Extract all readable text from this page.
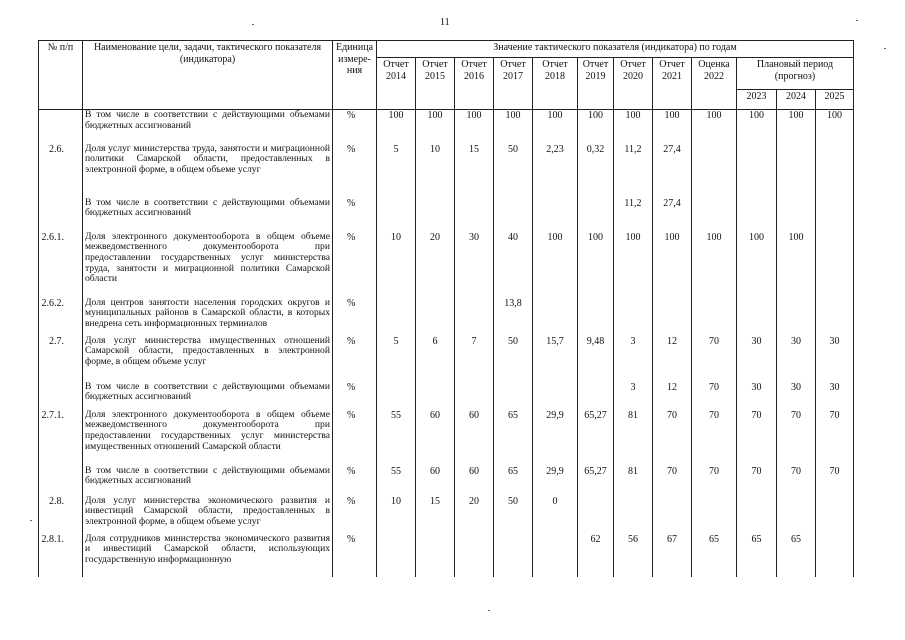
11
№ п/п	Наименование цели, задачи, тактического показателя (индикатора)	Единица измере-ния	Значение тактического показателя (индикатора) по годам											
			Отчет 2014	Отчет 2015	Отчет 2016	Отчет 2017	Отчет 2018	Отчет 2019	Отчет 2020	Отчет 2021	Оценка 2022	Плановый период (прогноз)		
												2023	2024	2025
	В том числе в соответствии с действующими объемами бюджетных ассигнований	%	100	100	100	100	100	100	100	100	100	100	100	100
2.6.	Доля услуг министерства труда, занятости и миграционной политики Самарской области, предоставленных в электронной форме, в общем объеме услуг	%	5	10	15	50	2,23	0,32	11,2	27,4				
	В том числе в соответствии с действующими объемами бюджетных ассигнований	%							11,2	27,4				
2.6.1.	Доля электронного документооборота в общем объеме межведомственного документооборота при предоставлении государственных услуг министерства труда, занятости и миграционной политики Самарской области	%	10	20	30	40	100	100	100	100	100	100	100	
2.6.2.	Доля центров занятости населения городских округов и муниципальных районов в Самарской области, в которых внедрена сеть информационных терминалов	%				13,8								
2.7.	Доля услуг министерства имущественных отношений Самарской области, предоставленных в электронной форме, в общем объеме услуг	%	5	6	7	50	15,7	9,48	3	12	70	30	30	30
	В том числе в соответствии с действующими объемами бюджетных ассигнований	%							3	12	70	30	30	30
2.7.1.	Доля электронного документооборота в общем объеме межведомственного документооборота при предоставлении государственных услуг министерства имущественных отношений Самарской области	%	55	60	60	65	29,9	65,27	81	70	70	70	70	70
	В том числе в соответствии с действующими объемами бюджетных ассигнований	%	55	60	60	65	29,9	65,27	81	70	70	70	70	70
2.8.	Доля услуг министерства экономического развития и инвестиций Самарской области, предоставленных в электронной форме, в общем объеме услуг	%	10	15	20	50	0							
2.8.1.	Доля сотрудников министерства экономического развития и инвестиций Самарской области, использующих государственную информационную	%						62	56	67	65	65	65	
